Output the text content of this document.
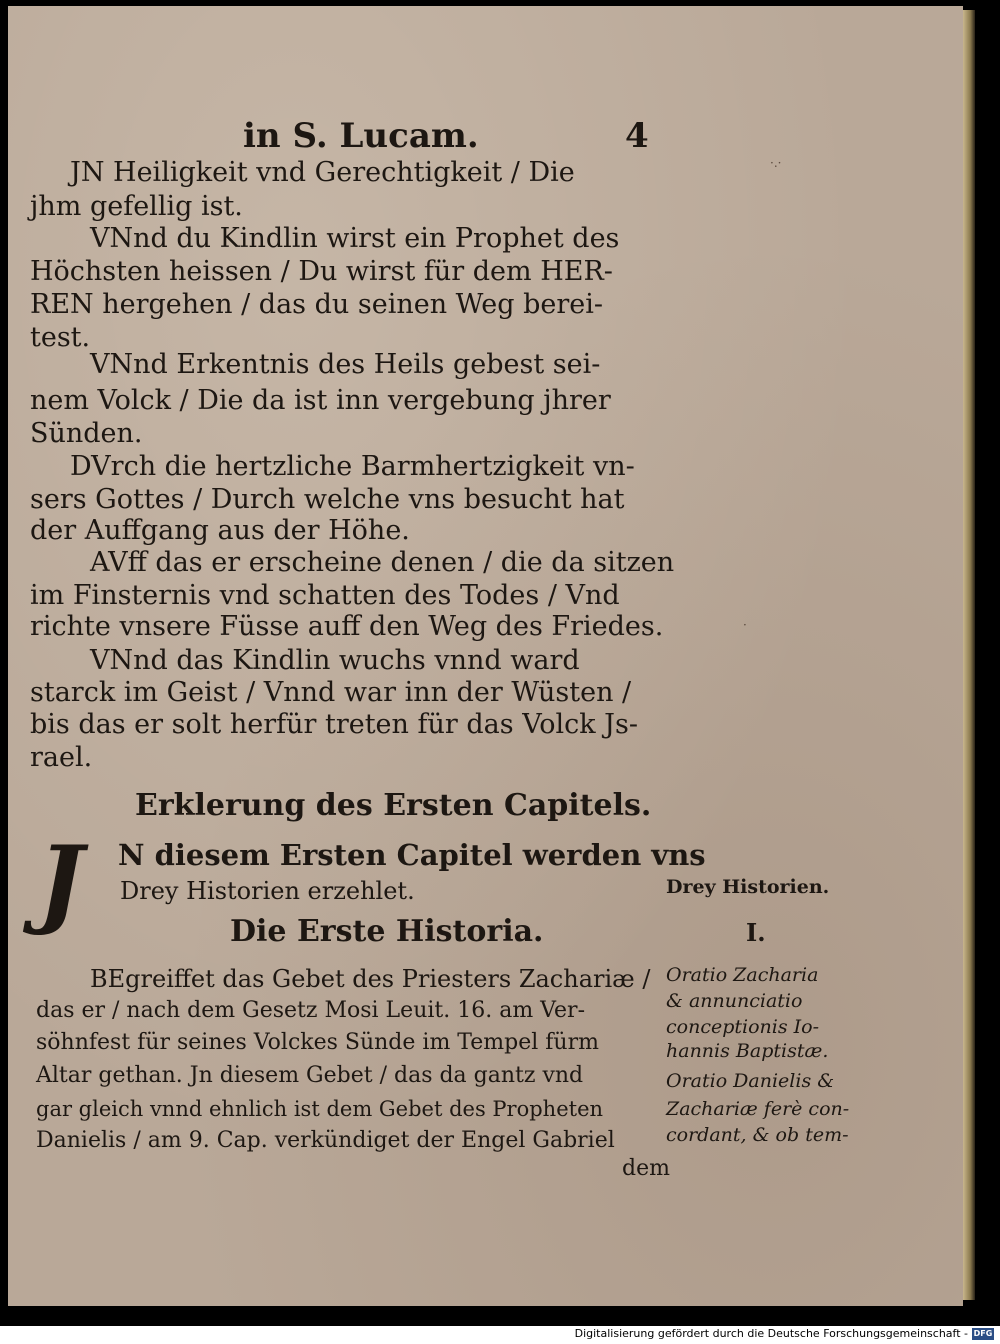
in S. Lucam.	4
JN Heiligkeit vnd Gerechtigkeit / Die
jhm gefellig ist.
VNnd du Kindlin wirst ein Prophet des
Höchsten heissen / Du wirst für dem HER-
REN hergehen / das du seinen Weg berei-
test.
VNnd Erkentnis des Heils gebest sei-
nem Volck / Die da ist inn vergebung jhrer
Sünden.
DVrch die hertzliche Barmhertzigkeit vn-
sers Gottes / Durch welche vns besucht hat
der Auffgang aus der Höhe.
AVff das er erscheine denen / die da sitzen
im Finsternis vnd schatten des Todes / Vnd
richte vnsere Füsse auff den Weg des Friedes.
VNnd das Kindlin wuchs vnnd ward
starck im Geist / Vnnd war inn der Wüsten /
bis das er solt herfür treten für das Volck Js-
rael.
Erklerung des Ersten Capitels.
J N diesem Ersten Capitel werden vns
Drey Historien erzehlet.
Die Erste Historia.
BEgreiffet das Gebet des Priesters Zachariæ /
das er / nach dem Gesetz Mosi Leuit. 16. am Ver-
söhnfest für seines Volckes Sünde im Tempel fürm
Altar gethan. Jn diesem Gebet / das da gantz vnd
gar gleich vnnd ehnlich ist dem Gebet des Propheten
Danielis / am 9. Cap. verkündiget der Engel Gabriel
dem
Drey Historien.
I.
Oratio Zacharia
& annunciatio
conceptionis Io-
hannis Baptistæ.
Oratio Danielis &
Zachariæ ferè con-
cordant, & ob tem-
·.·
·
Digitalisierung gefördert durch die Deutsche Forschungsgemeinschaft - DFG
